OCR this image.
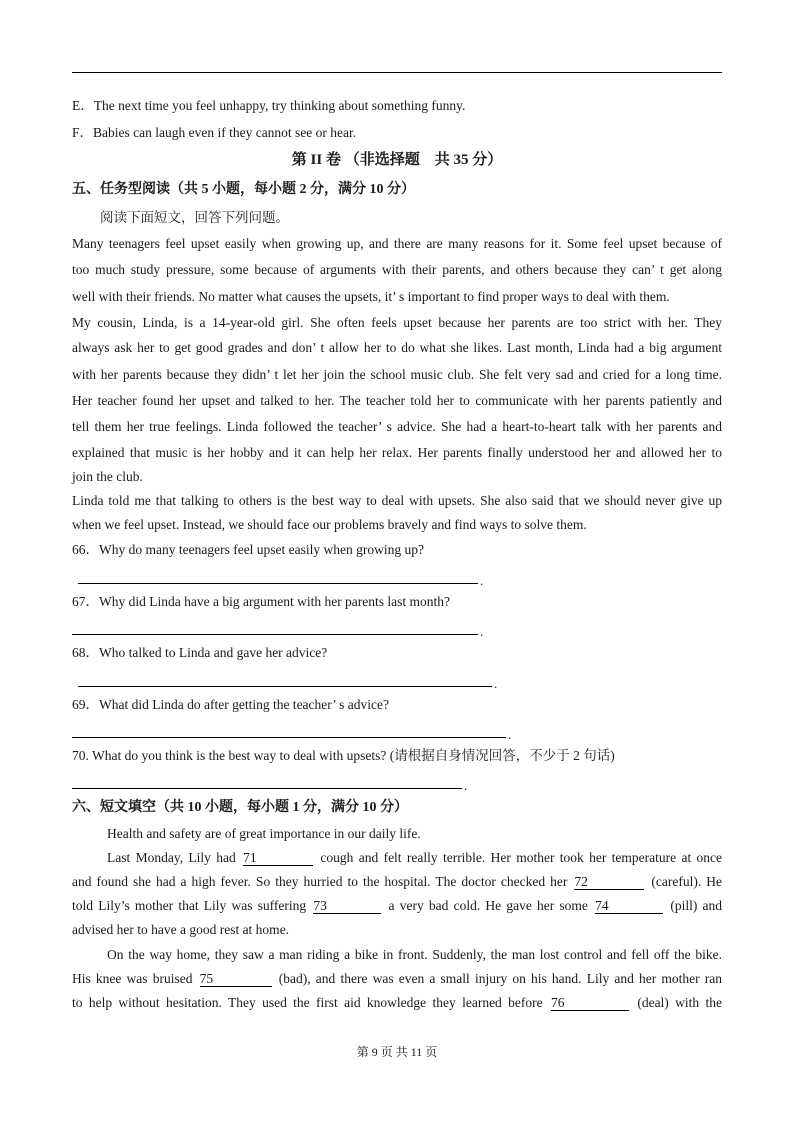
E．The next time you feel unhappy, try thinking about something funny.
F．Babies can laugh even if they cannot see or hear.
第 II 卷 （非选择题　共 35 分）
五、任务型阅读（共 5 小题，每小题 2 分，满分 10 分）
阅读下面短文，回答下列问题。
Many teenagers feel upset easily when growing up, and there are many reasons for it. Some feel upset because of
too much study pressure, some because of arguments with their parents, and others because they can’ t get along
well with their friends. No matter what causes the upsets, it’ s important to find proper ways to deal with them.
My cousin, Linda, is a 14-year-old girl. She often feels upset because her parents are too strict with her. They
always ask her to get good grades and don’ t allow her to do what she likes. Last month, Linda had a big argument
with her parents because they didn’ t let her join the school music club. She felt very sad and cried for a long time.
Her teacher found her upset and talked to her. The teacher told her to communicate with her parents patiently and
tell them her true feelings. Linda followed the teacher’ s advice. She had a heart-to-heart talk with her parents and
explained that music is her hobby and it can help her relax. Her parents finally understood her and allowed her to
join the club.
Linda told me that talking to others is the best way to deal with upsets. She also said that we should never give up
when we feel upset. Instead, we should face our problems bravely and find ways to solve them.
66．Why do many teenagers feel upset easily when growing up?
.
67．Why did Linda have a big argument with her parents last month?
.
68．Who talked to Linda and gave her advice?
.
69．What did Linda do after getting the teacher’ s advice?
.
70. What do you think is the best way to deal with upsets? (请根据自身情况回答，不少于 2 句话)
.
六、短文填空（共 10 小题，每小题 1 分，满分 10 分）
Health and safety are of great importance in our daily life.
Last Monday, Lily had 71	cough and felt really terrible. Her mother took her temperature at once
and found she had a high fever. So they hurried to the hospital. The doctor checked her 72	(careful). He
told Lily’s mother that Lily was suffering 73	a very bad cold. He gave her some 74	(pill) and
advised her to have a good rest at home.
On the way home, they saw a man riding a bike in front. Suddenly, the man lost control and fell off the bike.
His knee was bruised 75	(bad), and there was even a small injury on his hand. Lily and her mother ran
to help without hesitation. They used the first aid knowledge they learned before 76	(deal) with the
第 9 页 共 11 页
